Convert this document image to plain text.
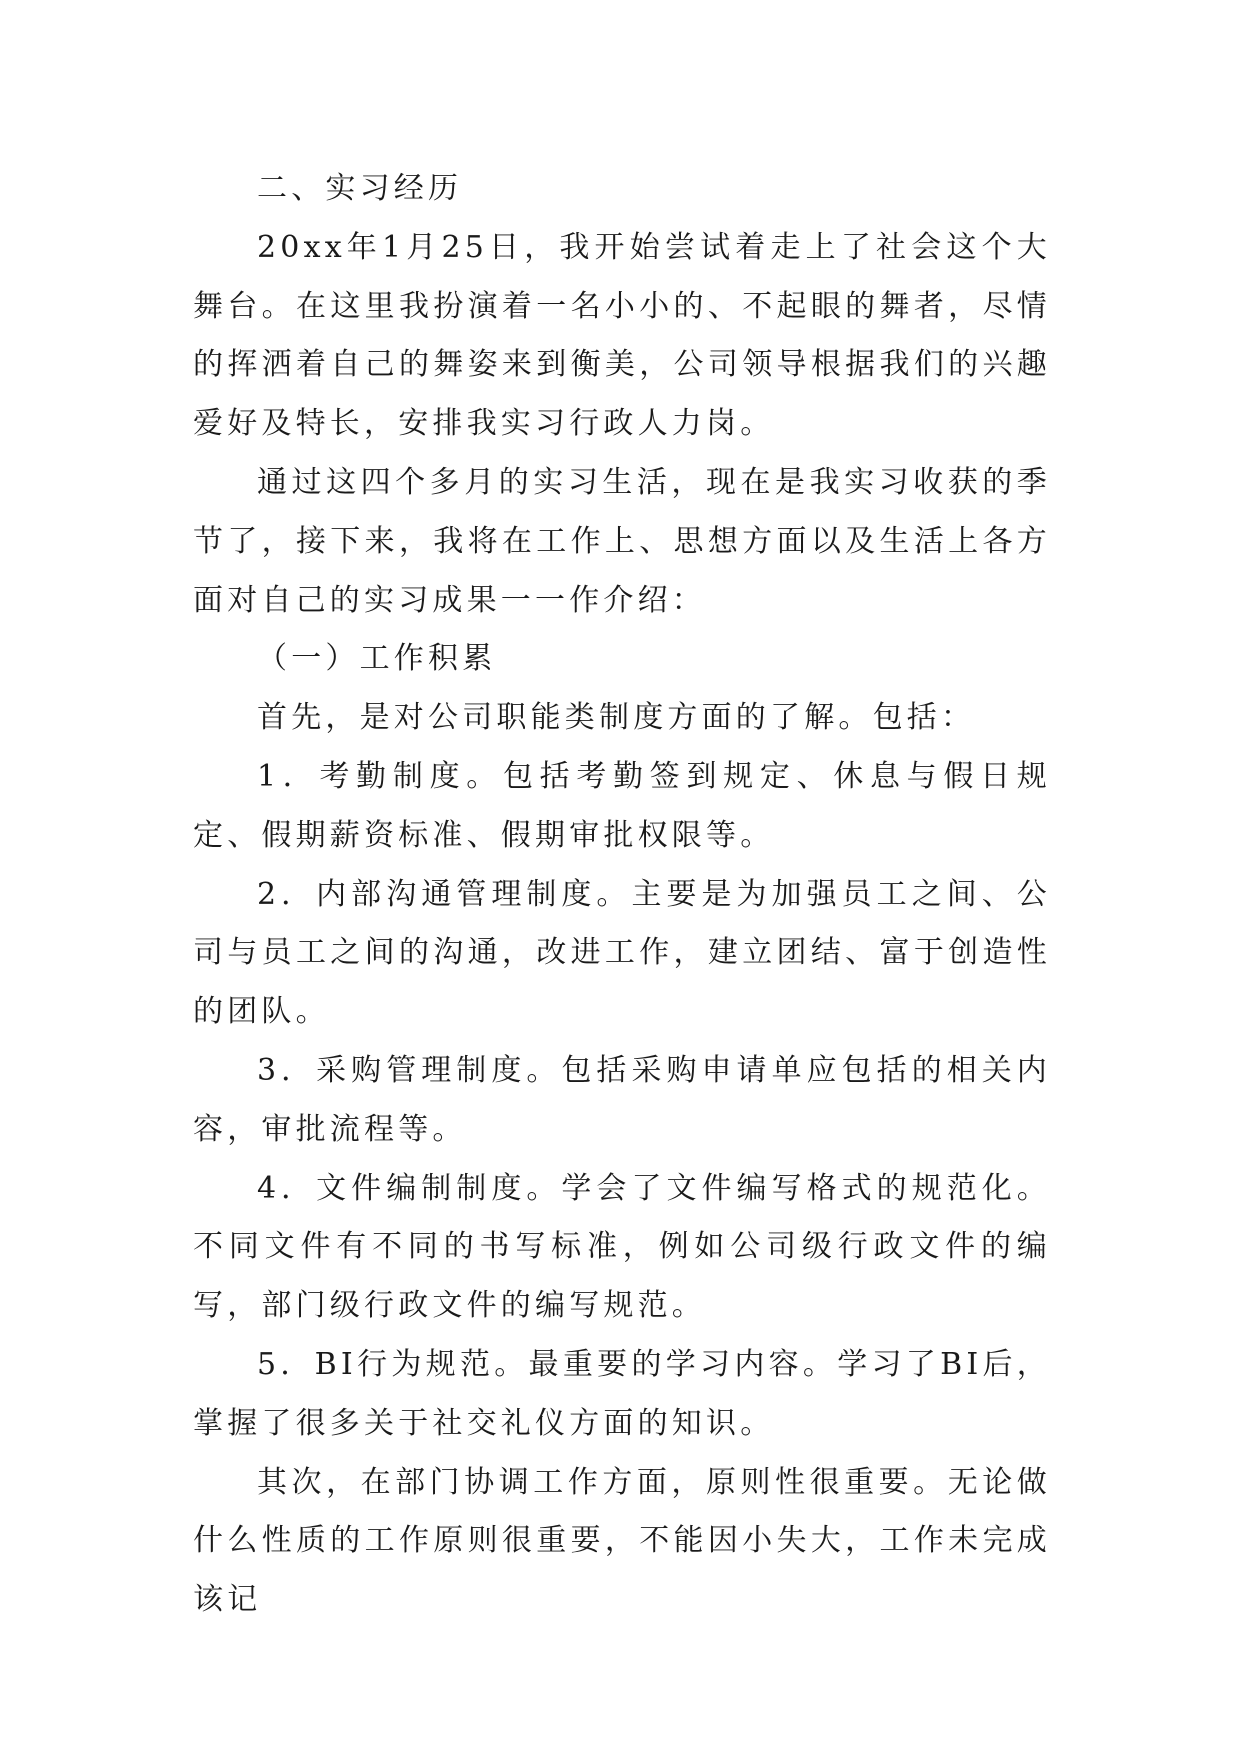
二、实习经历

20xx年1月25日，我开始尝试着走上了社会这个大舞台。在这里我扮演着一名小小的、不起眼的舞者，尽情的挥洒着自己的舞姿来到衡美，公司领导根据我们的兴趣爱好及特长，安排我实习行政人力岗。

通过这四个多月的实习生活，现在是我实习收获的季节了，接下来，我将在工作上、思想方面以及生活上各方面对自己的实习成果一一作介绍：

（一）工作积累

首先，是对公司职能类制度方面的了解。包括：

1．考勤制度。包括考勤签到规定、休息与假日规定、假期薪资标准、假期审批权限等。

2．内部沟通管理制度。主要是为加强员工之间、公司与员工之间的沟通，改进工作，建立团结、富于创造性的团队。

3．采购管理制度。包括采购申请单应包括的相关内容，审批流程等。

4．文件编制制度。学会了文件编写格式的规范化。不同文件有不同的书写标准，例如公司级行政文件的编写，部门级行政文件的编写规范。

5．BI行为规范。最重要的学习内容。学习了BI后，掌握了很多关于社交礼仪方面的知识。

其次，在部门协调工作方面，原则性很重要。无论做什么性质的工作原则很重要，不能因小失大，工作未完成该记
